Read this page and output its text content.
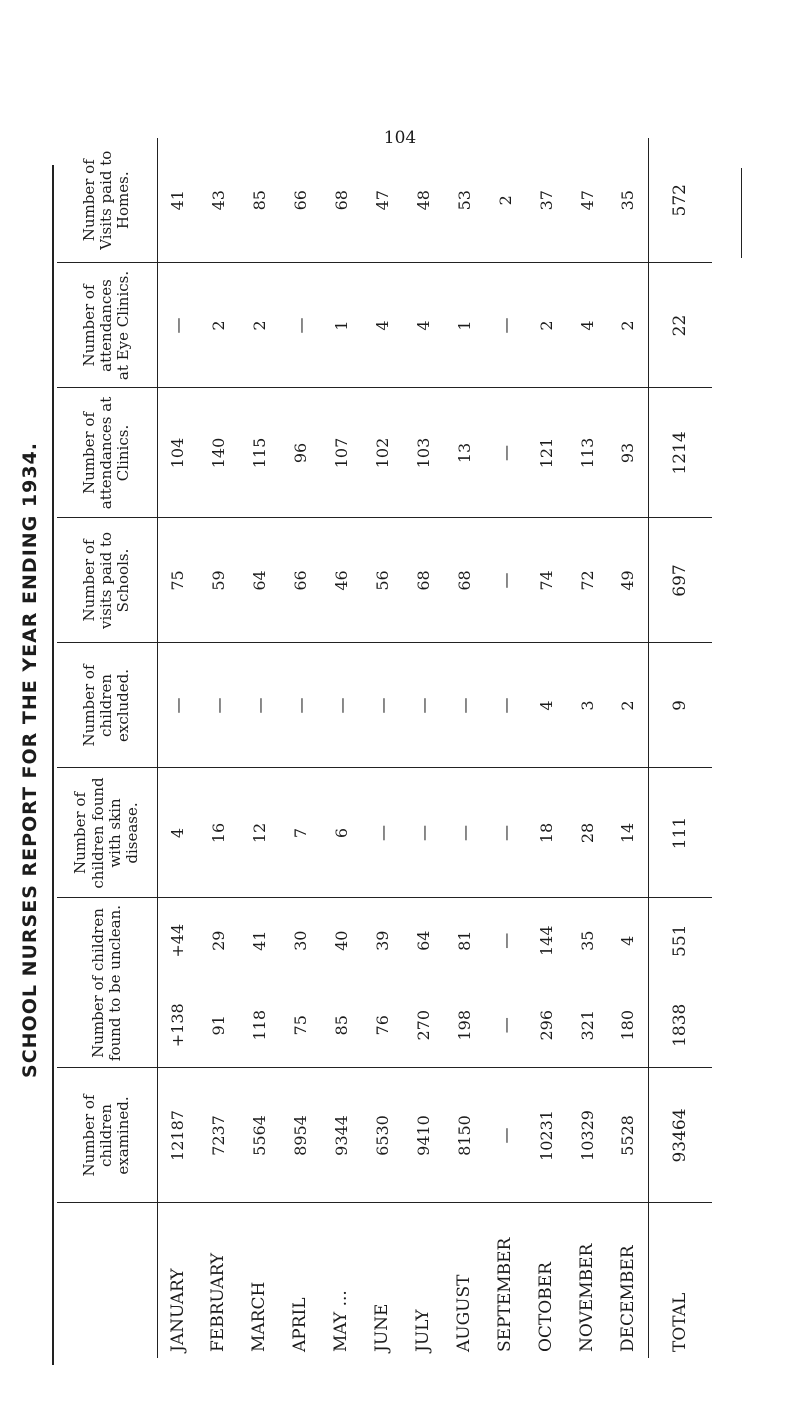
104
SCHOOL NURSES REPORT FOR THE YEAR ENDING 1934.
	Number of children examined.	Number of children found to be unclean.		Number of children found with skin disease.	Number of children excluded.	Number of visits paid to Schools.	Number of attendances at Clinics.	Number of attendances at Eye Clinics.	Number of Visits paid to Homes.
JANUARY	12187	+138	+44	4	—	75	104	—	41
FEBRUARY	7237	91	29	16	—	59	140	2	43
MARCH	5564	118	41	12	—	64	115	2	85
APRIL	8954	75	30	7	—	66	96	—	66
MAY ...	9344	85	40	6	—	46	107	1	68
JUNE	6530	76	39	—	—	56	102	4	47
JULY	9410	270	64	—	—	68	103	4	48
AUGUST	8150	198	81	—	—	68	13	1	53
SEPTEMBER	—	—	—	—	—	—	—	—	2
OCTOBER	10231	296	144	18	4	74	121	2	37
NOVEMBER	10329	321	35	28	3	72	113	4	47
DECEMBER	5528	180	4	14	2	49	93	2	35
TOTAL	93464	1838	551	111	9	697	1214	22	572
